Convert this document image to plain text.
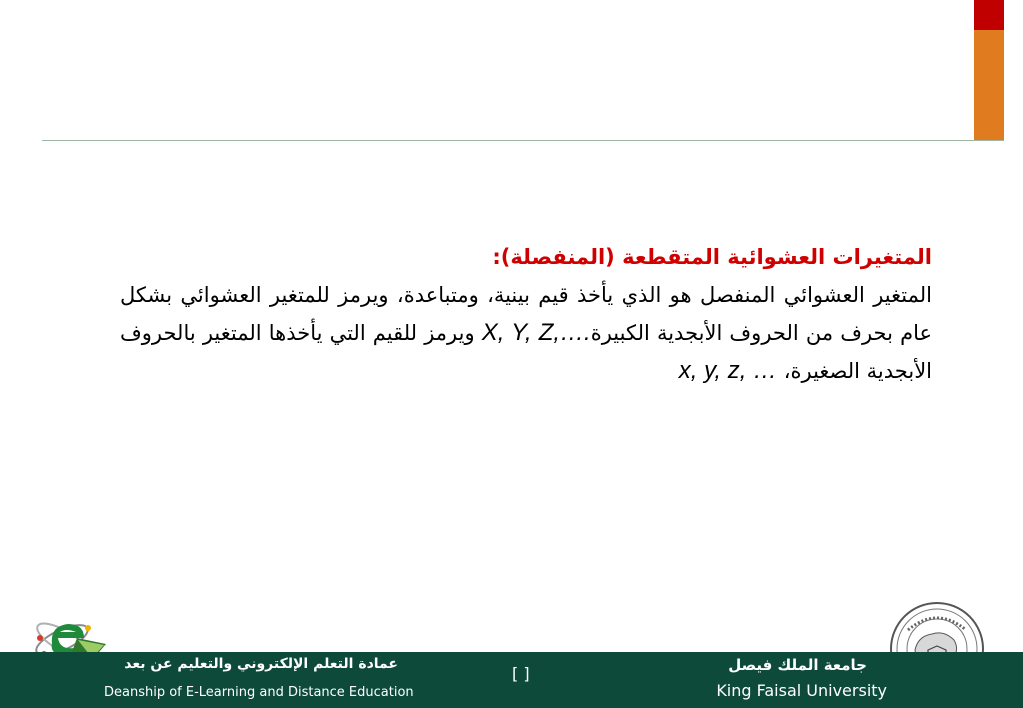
المتغيرات العشوائية المتقطعة (المنفصلة):
المتغير العشوائي المنفصل هو الذي يأخذ قيم بينية، ومتباعدة، ويرمز للمتغير العشوائي بشكل عام بحرف من الحروف الأبجدية الكبيرةX, Y, Z,…. ويرمز للقيم التي يأخذها المتغير بالحروف الأبجدية الصغيرة، x, y, z, …
عمادة التعلم الإلكتروني والتعليم عن بعد
Deanship of E-Learning and Distance Education
[ ]	جامعة الملك فيصل
King Faisal University
